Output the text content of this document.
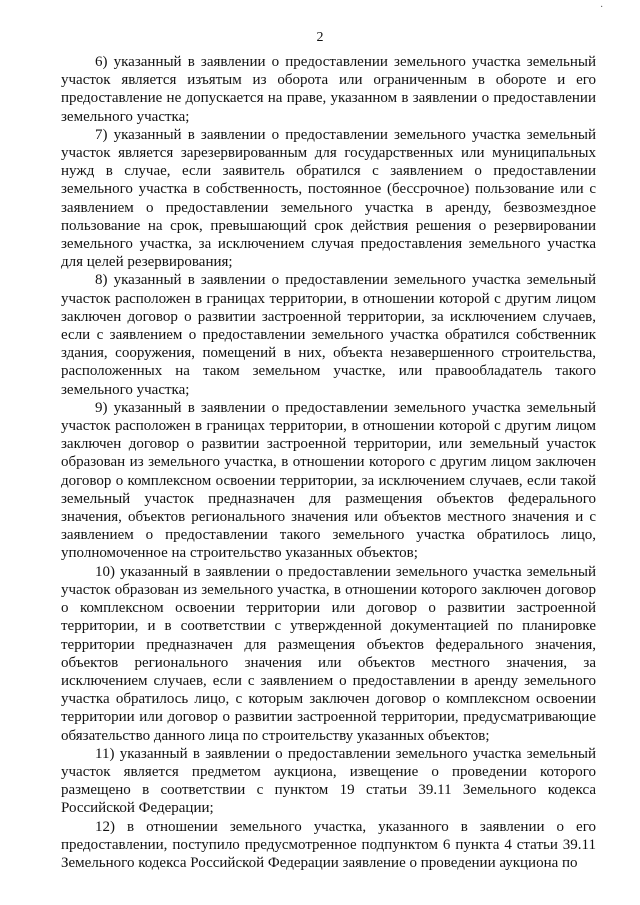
·
2

6) указанный в заявлении о предоставлении земельного участка земельный участок является изъятым из оборота или ограниченным в обороте и его предоставление не допускается на праве, указанном в заявлении о предоставлении земельного участка;

7) указанный в заявлении о предоставлении земельного участка земельный участок является зарезервированным для государственных или муниципальных нужд в случае, если заявитель обратился с заявлением о предоставлении земельного участка в собственность, постоянное (бессрочное) пользование или с заявлением о предоставлении земельного участка в аренду, безвозмездное пользование на срок, превышающий срок действия решения о резервировании земельного участка, за исключением случая предоставления земельного участка для целей резервирования;

8) указанный в заявлении о предоставлении земельного участка земельный участок расположен в границах территории, в отношении которой с другим лицом заключен договор о развитии застроенной территории, за исключением случаев, если с заявлением о предоставлении земельного участка обратился собственник здания, сооружения, помещений в них, объекта незавершенного строительства, расположенных на таком земельном участке, или правообладатель такого земельного участка;

9) указанный в заявлении о предоставлении земельного участка земельный участок расположен в границах территории, в отношении которой с другим лицом заключен договор о развитии застроенной территории, или земельный участок образован из земельного участка, в отношении которого с другим лицом заключен договор о комплексном освоении территории, за исключением случаев, если такой земельный участок предназначен для размещения объектов федерального значения, объектов регионального значения или объектов местного значения и с заявлением о предоставлении такого земельного участка обратилось лицо, уполномоченное на строительство указанных объектов;

10) указанный в заявлении о предоставлении земельного участка земельный участок образован из земельного участка, в отношении которого заключен договор о комплексном освоении территории или договор о развитии застроенной территории, и в соответствии с утвержденной документацией по планировке территории предназначен для размещения объектов федерального значения, объектов регионального значения или объектов местного значения, за исключением случаев, если с заявлением о предоставлении в аренду земельного участка обратилось лицо, с которым заключен договор о комплексном освоении территории или договор о развитии застроенной территории, предусматривающие обязательство данного лица по строительству указанных объектов;

11) указанный в заявлении о предоставлении земельного участка земельный участок является предметом аукциона, извещение о проведении которого размещено в соответствии с пунктом 19 статьи 39.11 Земельного кодекса Российской Федерации;

12) в отношении земельного участка, указанного в заявлении о его предоставлении, поступило предусмотренное подпунктом 6 пункта 4 статьи 39.11 Земельного кодекса Российской Федерации заявление о проведении аукциона по
